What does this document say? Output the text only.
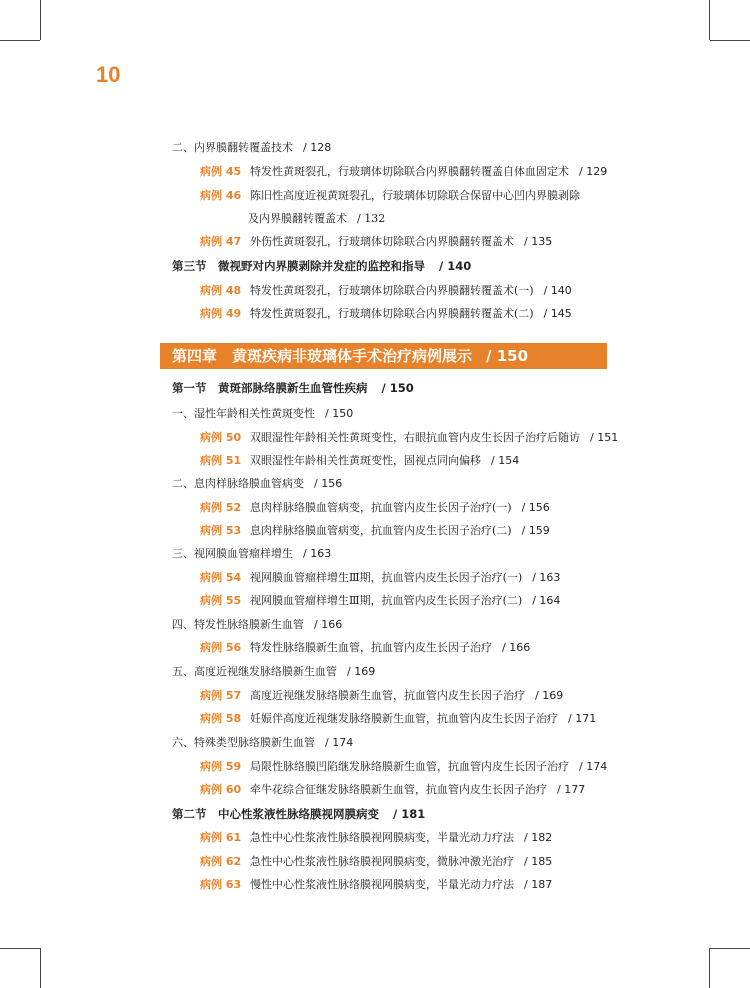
10
二、内界膜翻转覆盖技术 / 128
病例 45 特发性黄斑裂孔，行玻璃体切除联合内界膜翻转覆盖自体血固定术 / 129
病例 46 陈旧性高度近视黄斑裂孔，行玻璃体切除联合保留中心凹内界膜剥除
及内界膜翻转覆盖术 / 132
病例 47 外伤性黄斑裂孔，行玻璃体切除联合内界膜翻转覆盖术 / 135
第三节　微视野对内界膜剥除并发症的监控和指导 / 140
病例 48 特发性黄斑裂孔，行玻璃体切除联合内界膜翻转覆盖术(一) / 140
病例 49 特发性黄斑裂孔，行玻璃体切除联合内界膜翻转覆盖术(二) / 145
第四章　黄斑疾病非玻璃体手术治疗病例展示 / 150
第一节　黄斑部脉络膜新生血管性疾病 / 150
一、湿性年龄相关性黄斑变性 / 150
病例 50 双眼湿性年龄相关性黄斑变性，右眼抗血管内皮生长因子治疗后随访 / 151
病例 51 双眼湿性年龄相关性黄斑变性，固视点同向偏移 / 154
二、息肉样脉络膜血管病变 / 156
病例 52 息肉样脉络膜血管病变，抗血管内皮生长因子治疗(一) / 156
病例 53 息肉样脉络膜血管病变，抗血管内皮生长因子治疗(二) / 159
三、视网膜血管瘤样增生 / 163
病例 54 视网膜血管瘤样增生Ⅲ期，抗血管内皮生长因子治疗(一) / 163
病例 55 视网膜血管瘤样增生Ⅲ期，抗血管内皮生长因子治疗(二) / 164
四、特发性脉络膜新生血管 / 166
病例 56 特发性脉络膜新生血管，抗血管内皮生长因子治疗 / 166
五、高度近视继发脉络膜新生血管 / 169
病例 57 高度近视继发脉络膜新生血管，抗血管内皮生长因子治疗 / 169
病例 58 妊娠伴高度近视继发脉络膜新生血管，抗血管内皮生长因子治疗 / 171
六、特殊类型脉络膜新生血管 / 174
病例 59 局限性脉络膜凹陷继发脉络膜新生血管，抗血管内皮生长因子治疗 / 174
病例 60 牵牛花综合征继发脉络膜新生血管，抗血管内皮生长因子治疗 / 177
第二节　中心性浆液性脉络膜视网膜病变 / 181
病例 61 急性中心性浆液性脉络膜视网膜病变，半量光动力疗法 / 182
病例 62 急性中心性浆液性脉络膜视网膜病变，微脉冲激光治疗 / 185
病例 63 慢性中心性浆液性脉络膜视网膜病变，半量光动力疗法 / 187
